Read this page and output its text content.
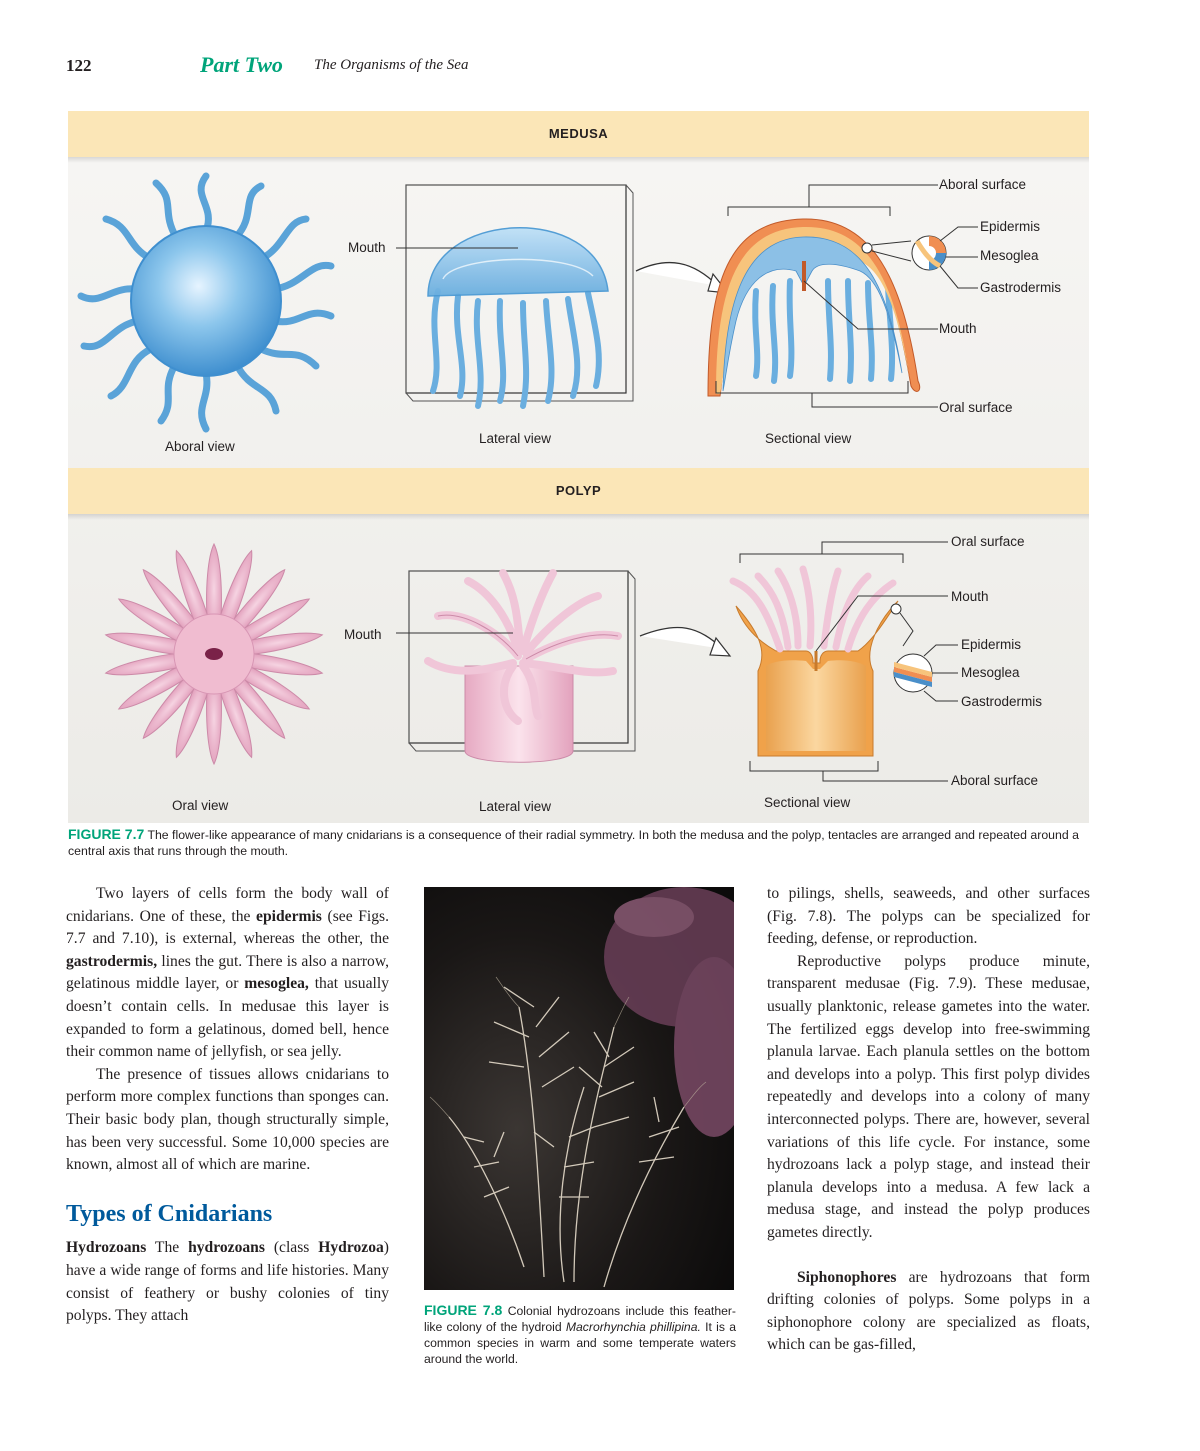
122	Part Two The Organisms of the Sea
MEDUSA
POLYP
Aboral view
Lateral view	Sectional view
Mouth
Aboral surface
Epidermis
Mesoglea
Gastrodermis
Mouth
Oral surface
Oral view	Lateral view	Sectional view
Mouth
Oral surface
Mouth
Epidermis
Mesoglea
Gastrodermis
Aboral surface
FIGURE 7.7 The flower-like appearance of many cnidarians is a consequence of their radial symmetry. In both the medusa and the polyp, tentacles are arranged and repeated around a central axis that runs through the mouth.

Two layers of cells form the body wall of cnidarians. One of these, the epidermis (see Figs. 7.7 and 7.10), is external, whereas the other, the gastrodermis, lines the gut. There is also a narrow, gelatinous middle layer, or mesoglea, that usually doesn’t contain cells. In medusae this layer is expanded to form a gelatinous, domed bell, hence their common name of jellyfish, or sea jelly.

The presence of tissues allows cnidarians to perform more complex functions than sponges can. Their basic body plan, though structurally simple, has been very successful. Some 10,000 species are known, almost all of which are marine.

Types of Cnidarians

Hydrozoans The hydrozoans (class Hydrozoa) have a wide range of forms and life histories. Many consist of feathery or bushy colonies of tiny polyps. They attach	FIGURE 7.8 Colonial hydrozoans include this feather-like colony of the hydroid Macrorhynchia phillipina. It is a common species in warm and some temperate waters around the world.

to pilings, shells, seaweeds, and other surfaces (Fig. 7.8). The polyps can be specialized for feeding, defense, or reproduction.

Reproductive polyps produce minute, transparent medusae (Fig. 7.9). These medusae, usually planktonic, release gametes into the water. The fertilized eggs develop into free-swimming planula larvae. Each planula settles on the bottom and develops into a polyp. This first polyp divides repeatedly and develops into a colony of many interconnected polyps. There are, however, several variations of this life cycle. For instance, some hydrozoans lack a polyp stage, and instead their planula develops into a medusa. A few lack a medusa stage, and instead the polyp produces gametes directly.

Siphonophores are hydrozoans that form drifting colonies of polyps. Some polyps in a siphonophore colony are specialized as floats, which can be gas-filled,
